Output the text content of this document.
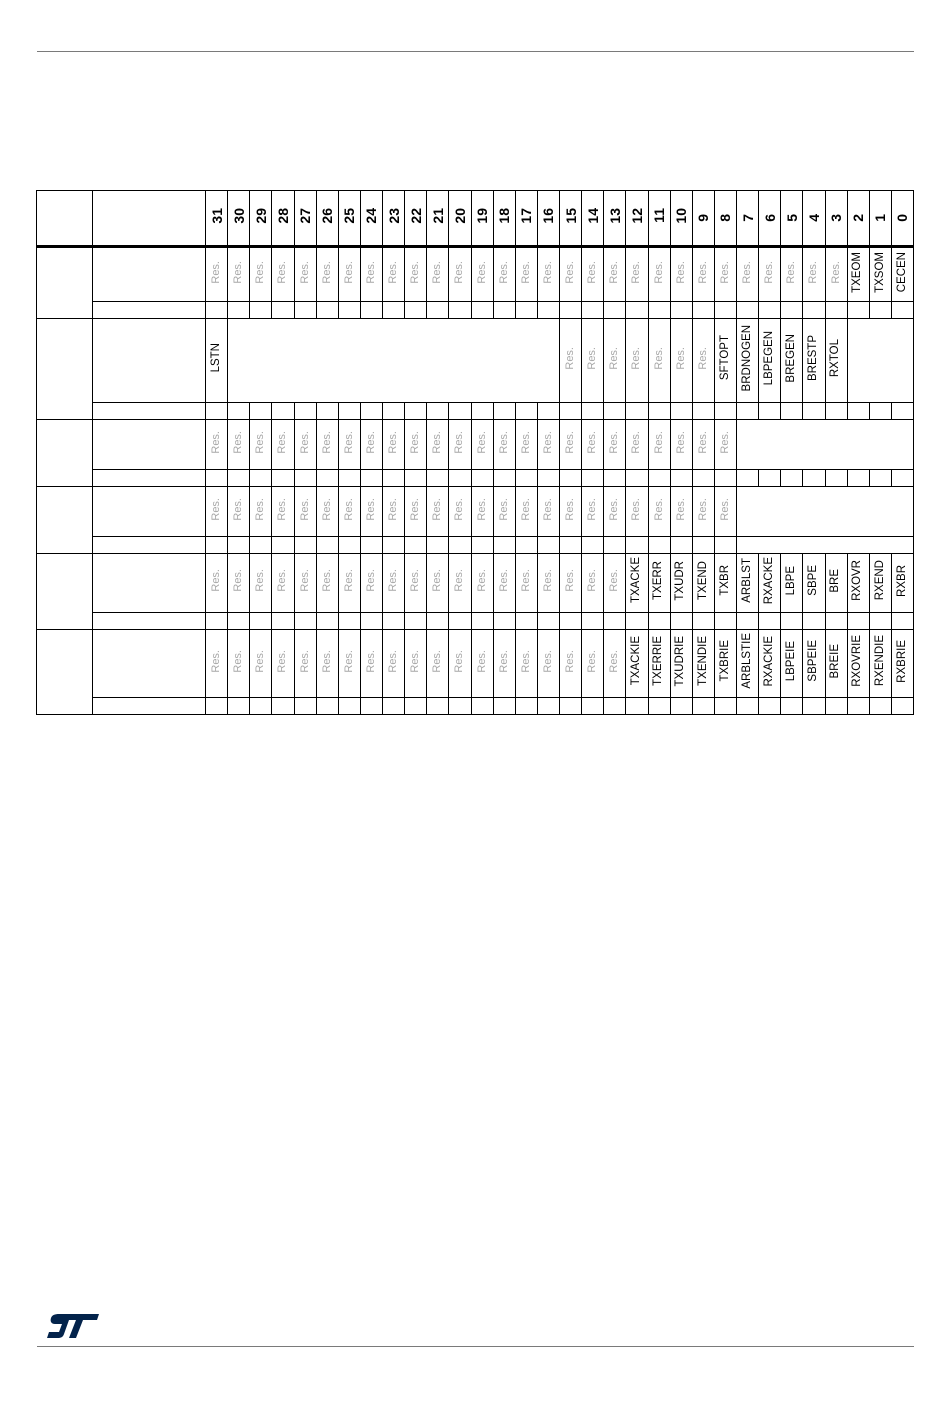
		31	30	29	28	27	26	25	24	23	22	21	20	19	18	17	16	15	14	13	12	11	10	9	8	7	6	5	4	3	2	1	0
		Res.	Res.	Res.	Res.	Res.	Res.	Res.	Res.	Res.	Res.	Res.	Res.	Res.	Res.	Res.	Res.	Res.	Res.	Res.	Res.	Res.	Res.	Res.	Res.	Res.	Res.	Res.	Res.	Res.	TXEOM	TXSOM	CECEN

		LSTN																Res.	Res.	Res.	Res.	Res.	Res.	Res.	SFTOPT	BRDNOGEN	LBPEGEN	BREGEN	BRESTP	RXTOL			

		Res.	Res.	Res.	Res.	Res.	Res.	Res.	Res.	Res.	Res.	Res.	Res.	Res.	Res.	Res.	Res.	Res.	Res.	Res.	Res.	Res.	Res.	Res.	Res.								

		Res.	Res.	Res.	Res.	Res.	Res.	Res.	Res.	Res.	Res.	Res.	Res.	Res.	Res.	Res.	Res.	Res.	Res.	Res.	Res.	Res.	Res.	Res.	Res.								

		Res.	Res.	Res.	Res.	Res.	Res.	Res.	Res.	Res.	Res.	Res.	Res.	Res.	Res.	Res.	Res.	Res.	Res.	Res.	TXACKE	TXERR	TXUDR	TXEND	TXBR	ARBLST	RXACKE	LBPE	SBPE	BRE	RXOVR	RXEND	RXBR

		Res.	Res.	Res.	Res.	Res.	Res.	Res.	Res.	Res.	Res.	Res.	Res.	Res.	Res.	Res.	Res.	Res.	Res.	Res.	TXACKIE	TXERRIE	TXUDRIE	TXENDIE	TXBRIE	ARBLSTIE	RXACKIE	LBPEIE	SBPEIE	BREIE	RXOVRIE	RXENDIE	RXBRIE
